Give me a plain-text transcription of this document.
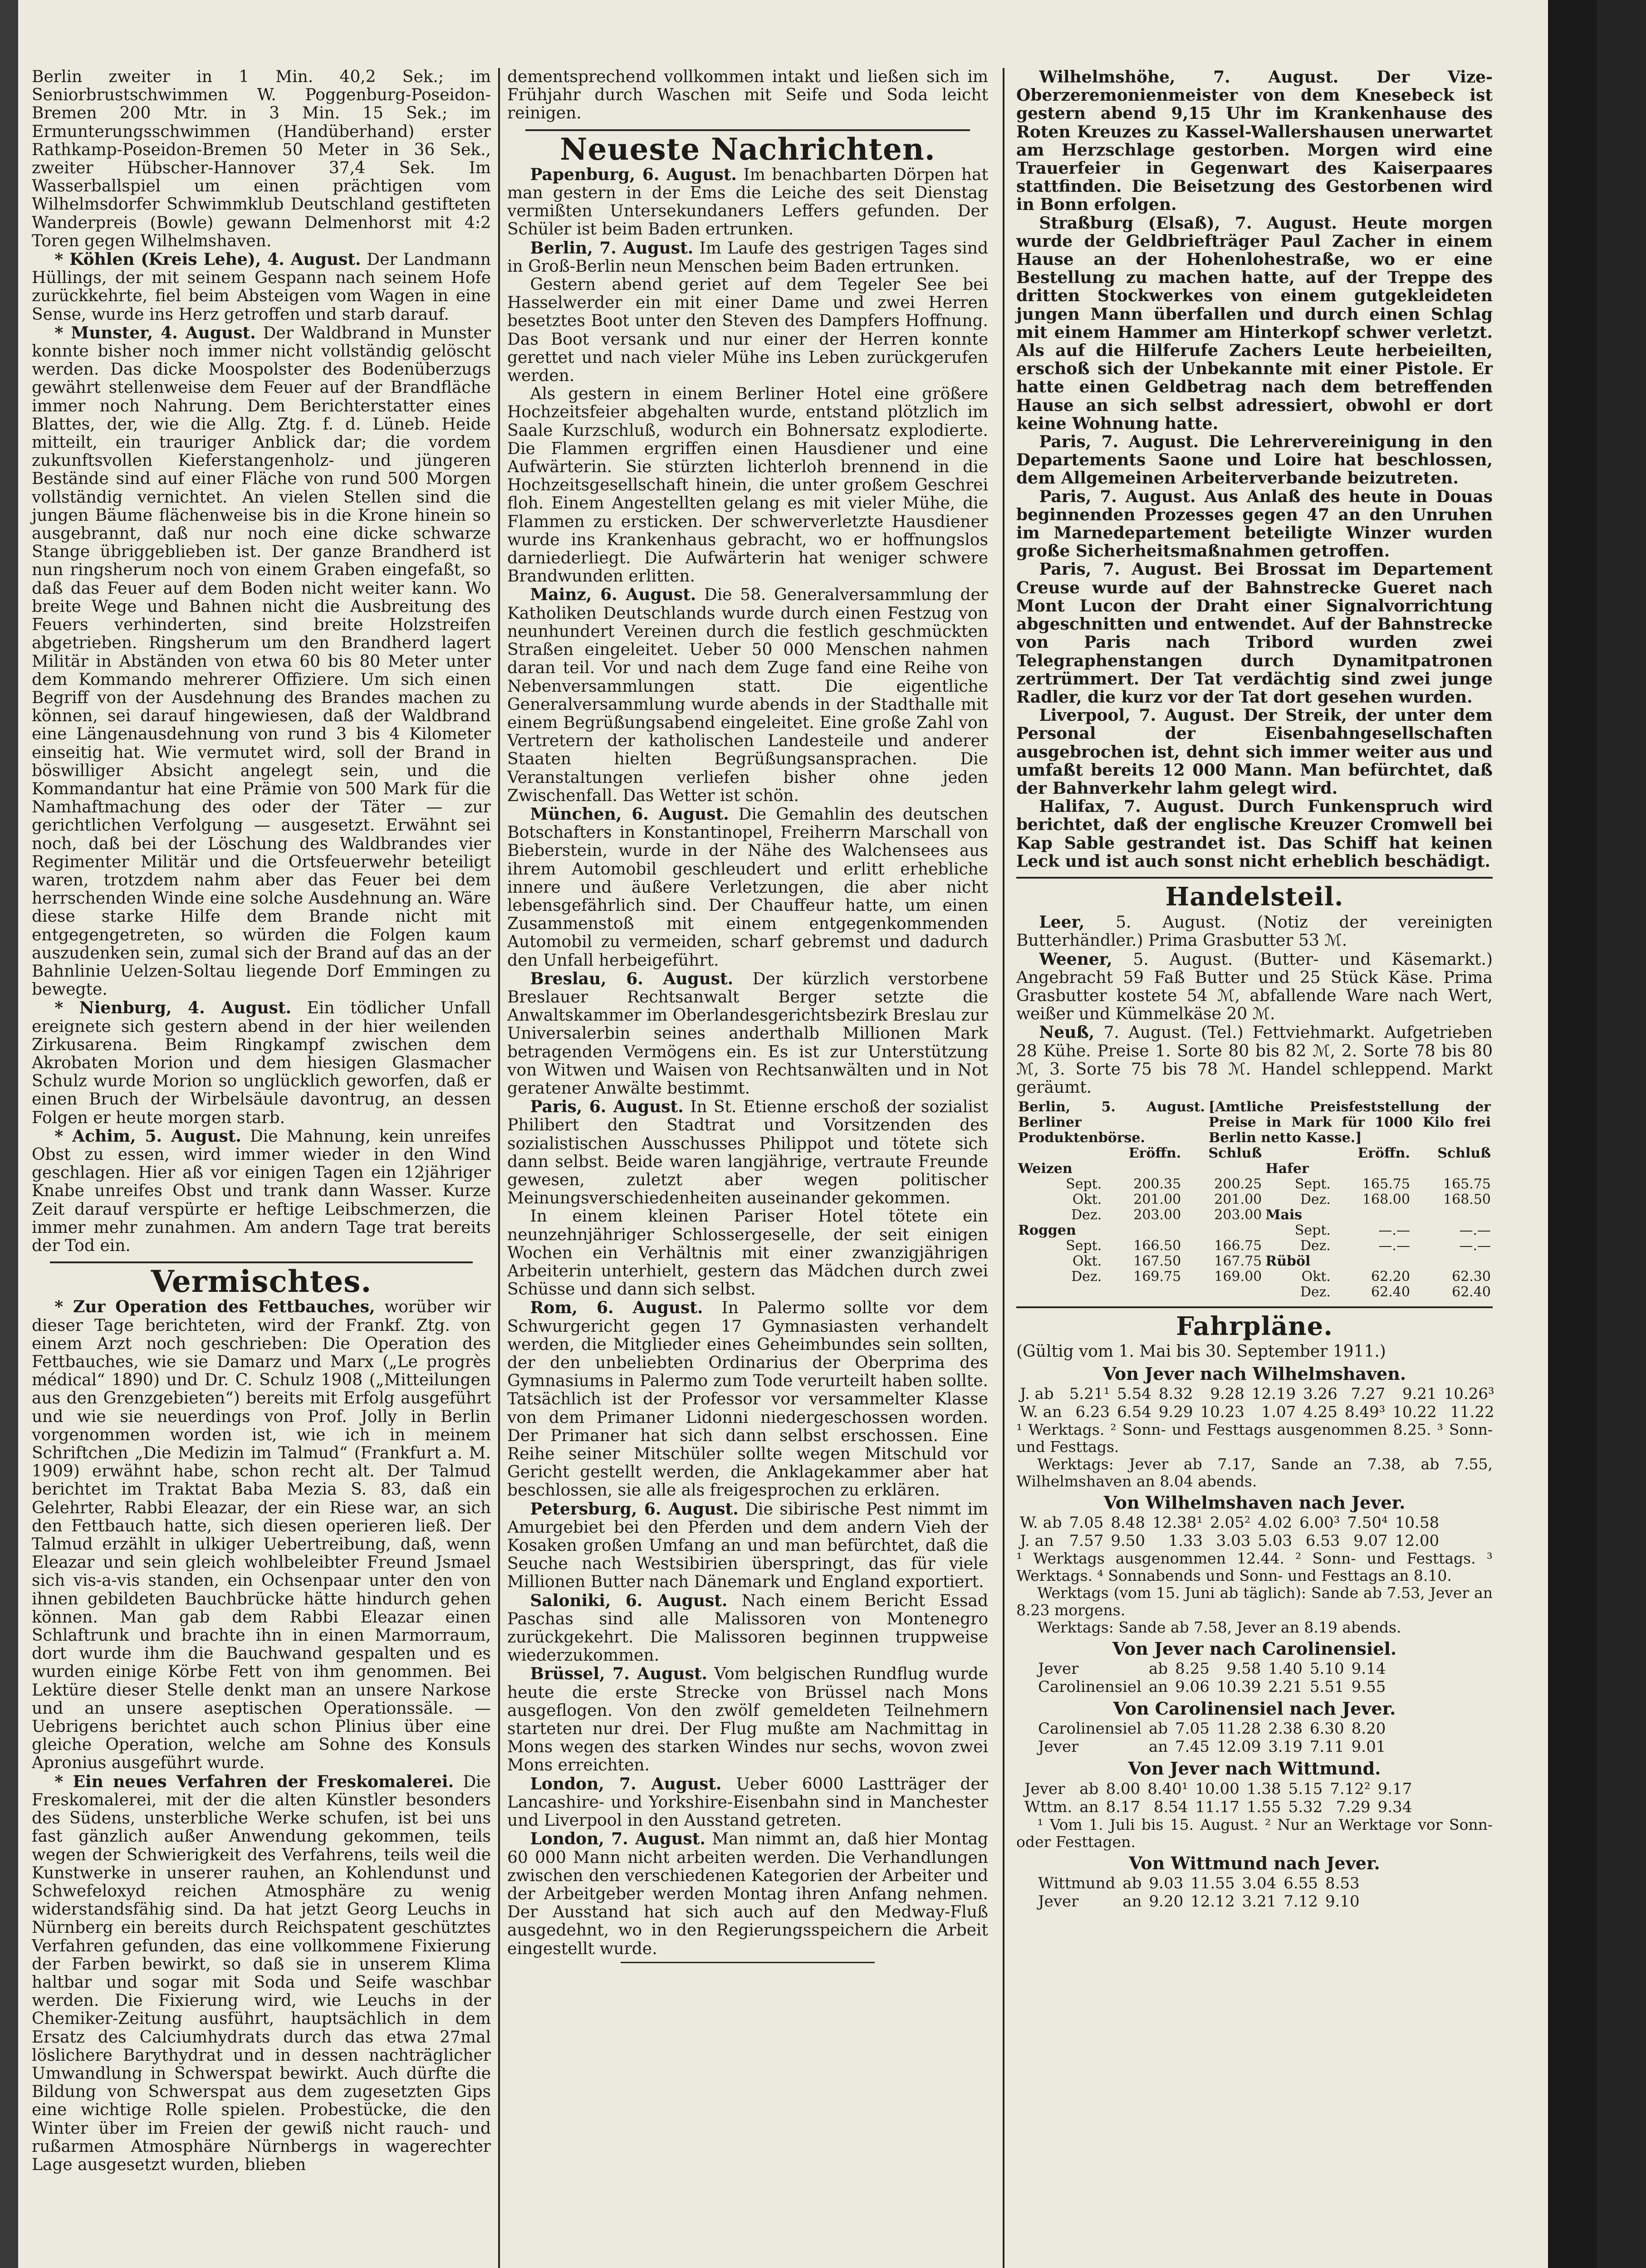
Berlin zweiter in 1 Min. 40,2 Sek.; im Seniorbrustschwimmen W. Poggenburg-Poseidon-Bremen 200 Mtr. in 3 Min. 15 Sek.; im Ermunterungsschwimmen (Handüberhand) erster Rathkamp-Poseidon-Bremen 50 Meter in 36 Sek., zweiter Hübscher-Hannover 37,4 Sek. Im Wasserballspiel um einen prächtigen vom Wilhelmsdorfer Schwimmklub Deutschland gestifteten Wanderpreis (Bowle) gewann Delmenhorst mit 4:2 Toren gegen Wilhelmshaven.

* Köhlen (Kreis Lehe), 4. August. Der Landmann Hüllings, der mit seinem Gespann nach seinem Hofe zurückkehrte, fiel beim Absteigen vom Wagen in eine Sense, wurde ins Herz getroffen und starb darauf.

* Munster, 4. August. Der Waldbrand in Munster konnte bisher noch immer nicht vollständig gelöscht werden. Das dicke Moospolster des Bodenüberzugs gewährt stellenweise dem Feuer auf der Brandfläche immer noch Nahrung. Dem Berichterstatter eines Blattes, der, wie die Allg. Ztg. f. d. Lüneb. Heide mitteilt, ein trauriger Anblick dar; die vordem zukunftsvollen Kieferstangenholz- und jüngeren Bestände sind auf einer Fläche von rund 500 Morgen vollständig vernichtet. An vielen Stellen sind die jungen Bäume flächenweise bis in die Krone hinein so ausgebrannt, daß nur noch eine dicke schwarze Stange übriggeblieben ist. Der ganze Brandherd ist nun ringsherum noch von einem Graben eingefaßt, so daß das Feuer auf dem Boden nicht weiter kann. Wo breite Wege und Bahnen nicht die Ausbreitung des Feuers verhinderten, sind breite Holzstreifen abgetrieben. Ringsherum um den Brandherd lagert Militär in Abständen von etwa 60 bis 80 Meter unter dem Kommando mehrerer Offiziere. Um sich einen Begriff von der Ausdehnung des Brandes machen zu können, sei darauf hingewiesen, daß der Waldbrand eine Längenausdehnung von rund 3 bis 4 Kilometer einseitig hat. Wie vermutet wird, soll der Brand in böswilliger Absicht angelegt sein, und die Kommandantur hat eine Prämie von 500 Mark für die Namhaftmachung des oder der Täter — zur gerichtlichen Verfolgung — ausgesetzt. Erwähnt sei noch, daß bei der Löschung des Waldbrandes vier Regimenter Militär und die Ortsfeuerwehr beteiligt waren, trotzdem nahm aber das Feuer bei dem herrschenden Winde eine solche Ausdehnung an. Wäre diese starke Hilfe dem Brande nicht mit entgegengetreten, so würden die Folgen kaum auszudenken sein, zumal sich der Brand auf das an der Bahnlinie Uelzen-Soltau liegende Dorf Emmingen zu bewegte.

* Nienburg, 4. August. Ein tödlicher Unfall ereignete sich gestern abend in der hier weilenden Zirkusarena. Beim Ringkampf zwischen dem Akrobaten Morion und dem hiesigen Glasmacher Schulz wurde Morion so unglücklich geworfen, daß er einen Bruch der Wirbelsäule davontrug, an dessen Folgen er heute morgen starb.

* Achim, 5. August. Die Mahnung, kein unreifes Obst zu essen, wird immer wieder in den Wind geschlagen. Hier aß vor einigen Tagen ein 12jähriger Knabe unreifes Obst und trank dann Wasser. Kurze Zeit darauf verspürte er heftige Leibschmerzen, die immer mehr zunahmen. Am andern Tage trat bereits der Tod ein.

Vermischtes.

* Zur Operation des Fettbauches, worüber wir dieser Tage berichteten, wird der Frankf. Ztg. von einem Arzt noch geschrieben: Die Operation des Fettbauches, wie sie Damarz und Marx („Le progrès médical“ 1890) und Dr. C. Schulz 1908 („Mitteilungen aus den Grenzgebieten“) bereits mit Erfolg ausgeführt und wie sie neuerdings von Prof. Jolly in Berlin vorgenommen worden ist, wie ich in meinem Schriftchen „Die Medizin im Talmud“ (Frankfurt a. M. 1909) erwähnt habe, schon recht alt. Der Talmud berichtet im Traktat Baba Mezia S. 83, daß ein Gelehrter, Rabbi Eleazar, der ein Riese war, an sich den Fettbauch hatte, sich diesen operieren ließ. Der Talmud erzählt in ulkiger Uebertreibung, daß, wenn Eleazar und sein gleich wohlbeleibter Freund Jsmael sich vis-a-vis standen, ein Ochsenpaar unter den von ihnen gebildeten Bauchbrücke hätte hindurch gehen können. Man gab dem Rabbi Eleazar einen Schlaftrunk und brachte ihn in einen Marmorraum, dort wurde ihm die Bauchwand gespalten und es wurden einige Körbe Fett von ihm genommen. Bei Lektüre dieser Stelle denkt man an unsere Narkose und an unsere aseptischen Operationssäle. — Uebrigens berichtet auch schon Plinius über eine gleiche Operation, welche am Sohne des Konsuls Apronius ausgeführt wurde.

* Ein neues Verfahren der Freskomalerei. Die Freskomalerei, mit der die alten Künstler besonders des Südens, unsterbliche Werke schufen, ist bei uns fast gänzlich außer Anwendung gekommen, teils wegen der Schwierigkeit des Verfahrens, teils weil die Kunstwerke in unserer rauhen, an Kohlendunst und Schwefeloxyd reichen Atmosphäre zu wenig widerstandsfähig sind. Da hat jetzt Georg Leuchs in Nürnberg ein bereits durch Reichspatent geschütztes Verfahren gefunden, das eine vollkommene Fixierung der Farben bewirkt, so daß sie in unserem Klima haltbar und sogar mit Soda und Seife waschbar werden. Die Fixierung wird, wie Leuchs in der Chemiker-Zeitung ausführt, hauptsächlich in dem Ersatz des Calciumhydrats durch das etwa 27mal löslichere Barythydrat und in dessen nachträglicher Umwandlung in Schwerspat bewirkt. Auch dürfte die Bildung von Schwerspat aus dem zugesetzten Gips eine wichtige Rolle spielen. Probestücke, die den Winter über im Freien der gewiß nicht rauch- und rußarmen Atmosphäre Nürnbergs in wagerechter Lage ausgesetzt wurden, blieben

dementsprechend vollkommen intakt und ließen sich im Frühjahr durch Waschen mit Seife und Soda leicht reinigen.

Neueste Nachrichten.

Papenburg, 6. August. Im benachbarten Dörpen hat man gestern in der Ems die Leiche des seit Dienstag vermißten Untersekundaners Leffers gefunden. Der Schüler ist beim Baden ertrunken.

Berlin, 7. August. Im Laufe des gestrigen Tages sind in Groß-Berlin neun Menschen beim Baden ertrunken.

Gestern abend geriet auf dem Tegeler See bei Hasselwerder ein mit einer Dame und zwei Herren besetztes Boot unter den Steven des Dampfers Hoffnung. Das Boot versank und nur einer der Herren konnte gerettet und nach vieler Mühe ins Leben zurückgerufen werden.

Als gestern in einem Berliner Hotel eine größere Hochzeitsfeier abgehalten wurde, entstand plötzlich im Saale Kurzschluß, wodurch ein Bohnersatz explodierte. Die Flammen ergriffen einen Hausdiener und eine Aufwärterin. Sie stürzten lichterloh brennend in die Hochzeitsgesellschaft hinein, die unter großem Geschrei floh. Einem Angestellten gelang es mit vieler Mühe, die Flammen zu ersticken. Der schwerverletzte Hausdiener wurde ins Krankenhaus gebracht, wo er hoffnungslos darniederliegt. Die Aufwärterin hat weniger schwere Brandwunden erlitten.

Mainz, 6. August. Die 58. Generalversammlung der Katholiken Deutschlands wurde durch einen Festzug von neunhundert Vereinen durch die festlich geschmückten Straßen eingeleitet. Ueber 50 000 Menschen nahmen daran teil. Vor und nach dem Zuge fand eine Reihe von Nebenversammlungen statt. Die eigentliche Generalversammlung wurde abends in der Stadthalle mit einem Begrüßungsabend eingeleitet. Eine große Zahl von Vertretern der katholischen Landesteile und anderer Staaten hielten Begrüßungsansprachen. Die Veranstaltungen verliefen bisher ohne jeden Zwischenfall. Das Wetter ist schön.

München, 6. August. Die Gemahlin des deutschen Botschafters in Konstantinopel, Freiherrn Marschall von Bieberstein, wurde in der Nähe des Walchensees aus ihrem Automobil geschleudert und erlitt erhebliche innere und äußere Verletzungen, die aber nicht lebensgefährlich sind. Der Chauffeur hatte, um einen Zusammenstoß mit einem entgegenkommenden Automobil zu vermeiden, scharf gebremst und dadurch den Unfall herbeigeführt.

Breslau, 6. August. Der kürzlich verstorbene Breslauer Rechtsanwalt Berger setzte die Anwaltskammer im Oberlandesgerichtsbezirk Breslau zur Universalerbin seines anderthalb Millionen Mark betragenden Vermögens ein. Es ist zur Unterstützung von Witwen und Waisen von Rechtsanwälten und in Not geratener Anwälte bestimmt.

Paris, 6. August. In St. Etienne erschoß der sozialist Philibert den Stadtrat und Vorsitzenden des sozialistischen Ausschusses Philippot und tötete sich dann selbst. Beide waren langjährige, vertraute Freunde gewesen, zuletzt aber wegen politischer Meinungsverschiedenheiten auseinander gekommen.

In einem kleinen Pariser Hotel tötete ein neunzehnjähriger Schlossergeselle, der seit einigen Wochen ein Verhältnis mit einer zwanzigjährigen Arbeiterin unterhielt, gestern das Mädchen durch zwei Schüsse und dann sich selbst.

Rom, 6. August. In Palermo sollte vor dem Schwurgericht gegen 17 Gymnasiasten verhandelt werden, die Mitglieder eines Geheimbundes sein sollten, der den unbeliebten Ordinarius der Oberprima des Gymnasiums in Palermo zum Tode verurteilt haben sollte. Tatsächlich ist der Professor vor versammelter Klasse von dem Primaner Lidonni niedergeschossen worden. Der Primaner hat sich dann selbst erschossen. Eine Reihe seiner Mitschüler sollte wegen Mitschuld vor Gericht gestellt werden, die Anklagekammer aber hat beschlossen, sie alle als freigesprochen zu erklären.

Petersburg, 6. August. Die sibirische Pest nimmt im Amurgebiet bei den Pferden und dem andern Vieh der Kosaken großen Umfang an und man befürchtet, daß die Seuche nach Westsibirien überspringt, das für viele Millionen Butter nach Dänemark und England exportiert.

Saloniki, 6. August. Nach einem Bericht Essad Paschas sind alle Malissoren von Montenegro zurückgekehrt. Die Malissoren beginnen truppweise wiederzukommen.

Brüssel, 7. August. Vom belgischen Rundflug wurde heute die erste Strecke von Brüssel nach Mons ausgeflogen. Von den zwölf gemeldeten Teilnehmern starteten nur drei. Der Flug mußte am Nachmittag in Mons wegen des starken Windes nur sechs, wovon zwei Mons erreichten.

London, 7. August. Ueber 6000 Lastträger der Lancashire- und Yorkshire-Eisenbahn sind in Manchester und Liverpool in den Ausstand getreten.

London, 7. August. Man nimmt an, daß hier Montag 60 000 Mann nicht arbeiten werden. Die Verhandlungen zwischen den verschiedenen Kategorien der Arbeiter und der Arbeitgeber werden Montag ihren Anfang nehmen. Der Ausstand hat sich auch auf den Medway-Fluß ausgedehnt, wo in den Regierungsspeichern die Arbeit eingestellt wurde.

Wilhelmshöhe, 7. August. Der Vize-Oberzeremonienmeister von dem Knesebeck ist gestern abend 9,15 Uhr im Krankenhause des Roten Kreuzes zu Kassel-Wallershausen unerwartet am Herzschlage gestorben. Morgen wird eine Trauerfeier in Gegenwart des Kaiserpaares stattfinden. Die Beisetzung des Gestorbenen wird in Bonn erfolgen.

Straßburg (Elsaß), 7. August. Heute morgen wurde der Geldbriefträger Paul Zacher in einem Hause an der Hohenlohestraße, wo er eine Bestellung zu machen hatte, auf der Treppe des dritten Stockwerkes von einem gutgekleideten jungen Mann überfallen und durch einen Schlag mit einem Hammer am Hinterkopf schwer verletzt. Als auf die Hilferufe Zachers Leute herbeieilten, erschoß sich der Unbekannte mit einer Pistole. Er hatte einen Geldbetrag nach dem betreffenden Hause an sich selbst adressiert, obwohl er dort keine Wohnung hatte.

Paris, 7. August. Die Lehrervereinigung in den Departements Saone und Loire hat beschlossen, dem Allgemeinen Arbeiterverbande beizutreten.

Paris, 7. August. Aus Anlaß des heute in Douas beginnenden Prozesses gegen 47 an den Unruhen im Marnedepartement beteiligte Winzer wurden große Sicherheitsmaßnahmen getroffen.

Paris, 7. August. Bei Brossat im Departement Creuse wurde auf der Bahnstrecke Gueret nach Mont Lucon der Draht einer Signalvorrichtung abgeschnitten und entwendet. Auf der Bahnstrecke von Paris nach Tribord wurden zwei Telegraphenstangen durch Dynamitpatronen zertrümmert. Der Tat verdächtig sind zwei junge Radler, die kurz vor der Tat dort gesehen wurden.

Liverpool, 7. August. Der Streik, der unter dem Personal der Eisenbahngesellschaften ausgebrochen ist, dehnt sich immer weiter aus und umfaßt bereits 12 000 Mann. Man befürchtet, daß der Bahnverkehr lahm gelegt wird.

Halifax, 7. August. Durch Funkenspruch wird berichtet, daß der englische Kreuzer Cromwell bei Kap Sable gestrandet ist. Das Schiff hat keinen Leck und ist auch sonst nicht erheblich beschädigt.

Handelsteil.

Leer, 5. August. (Notiz der vereinigten Butterhändler.) Prima Grasbutter 53 ℳ.

Weener, 5. August. (Butter- und Käsemarkt.) Angebracht 59 Faß Butter und 25 Stück Käse. Prima Grasbutter kostete 54 ℳ, abfallende Ware nach Wert, weißer und Kümmelkäse 20 ℳ.

Neuß, 7. August. (Tel.) Fettviehmarkt. Aufgetrieben 28 Kühe. Preise 1. Sorte 80 bis 82 ℳ, 2. Sorte 78 bis 80 ℳ, 3. Sorte 75 bis 78 ℳ. Handel schleppend. Markt geräumt.

Berlin, 5. August. Berliner Produktenbörse.	[Amtliche Preisfeststellung der Preise in Mark für 1000 Kilo frei Berlin netto Kasse.]
	Eröffn.	Schluß		Eröffn.	Schluß
Weizen			Hafer		
Sept.	200.35	200.25	Sept.	165.75	165.75
Okt.	201.00	201.00	Dez.	168.00	168.50
Dez.	203.00	203.00	Mais		
Roggen			Sept.	—.—	—.—
Sept.	166.50	166.75	Dez.	—.—	—.—
Okt.	167.50	167.75	Rüböl		
Dez.	169.75	169.00	Okt.	62.20	62.30
			Dez.	62.40	62.40
Fahrpläne.

(Gültig vom 1. Mai bis 30. September 1911.)

Von Jever nach Wilhelmshaven.
J. ab	5.21¹	5.54	8.32	9.28	12.19	3.26	7.27	9.21	10.26³
W. an	6.23	6.54	9.29	10.23	1.07	4.25	8.49³	10.22	11.22

¹ Werktags. ² Sonn- und Festtags ausgenommen 8.25. ³ Sonn- und Festtags.

Werktags: Jever ab 7.17, Sande an 7.38, ab 7.55, Wilhelmshaven an 8.04 abends.

Von Wilhelmshaven nach Jever.
W. ab	7.05	8.48	12.38¹	2.05²	4.02	6.00³	7.50⁴	10.58
J. an	7.57	9.50	1.33	3.03	5.03	6.53	9.07	12.00

¹ Werktags ausgenommen 12.44. ² Sonn- und Festtags. ³ Werktags. ⁴ Sonnabends und Sonn- und Festtags an 8.10.

Werktags (vom 15. Juni ab täglich): Sande ab 7.53, Jever an 8.23 morgens.

Werktags: Sande ab 7.58, Jever an 8.19 abends.

Von Jever nach Carolinensiel.
Jever	ab	8.25	9.58	1.40	5.10	9.14
Carolinensiel	an	9.06	10.39	2.21	5.51	9.55
Von Carolinensiel nach Jever.
Carolinensiel	ab	7.05	11.28	2.38	6.30	8.20
Jever	an	7.45	12.09	3.19	7.11	9.01
Von Jever nach Wittmund.
Jever	ab	8.00	8.40¹	10.00	1.38	5.15	7.12²	9.17
Wttm.	an	8.17	8.54	11.17	1.55	5.32	7.29	9.34

¹ Vom 1. Juli bis 15. August. ² Nur an Werktage vor Sonn- oder Festtagen.

Von Wittmund nach Jever.
Wittmund	ab	9.03	11.55	3.04	6.55	8.53
Jever	an	9.20	12.12	3.21	7.12	9.10
